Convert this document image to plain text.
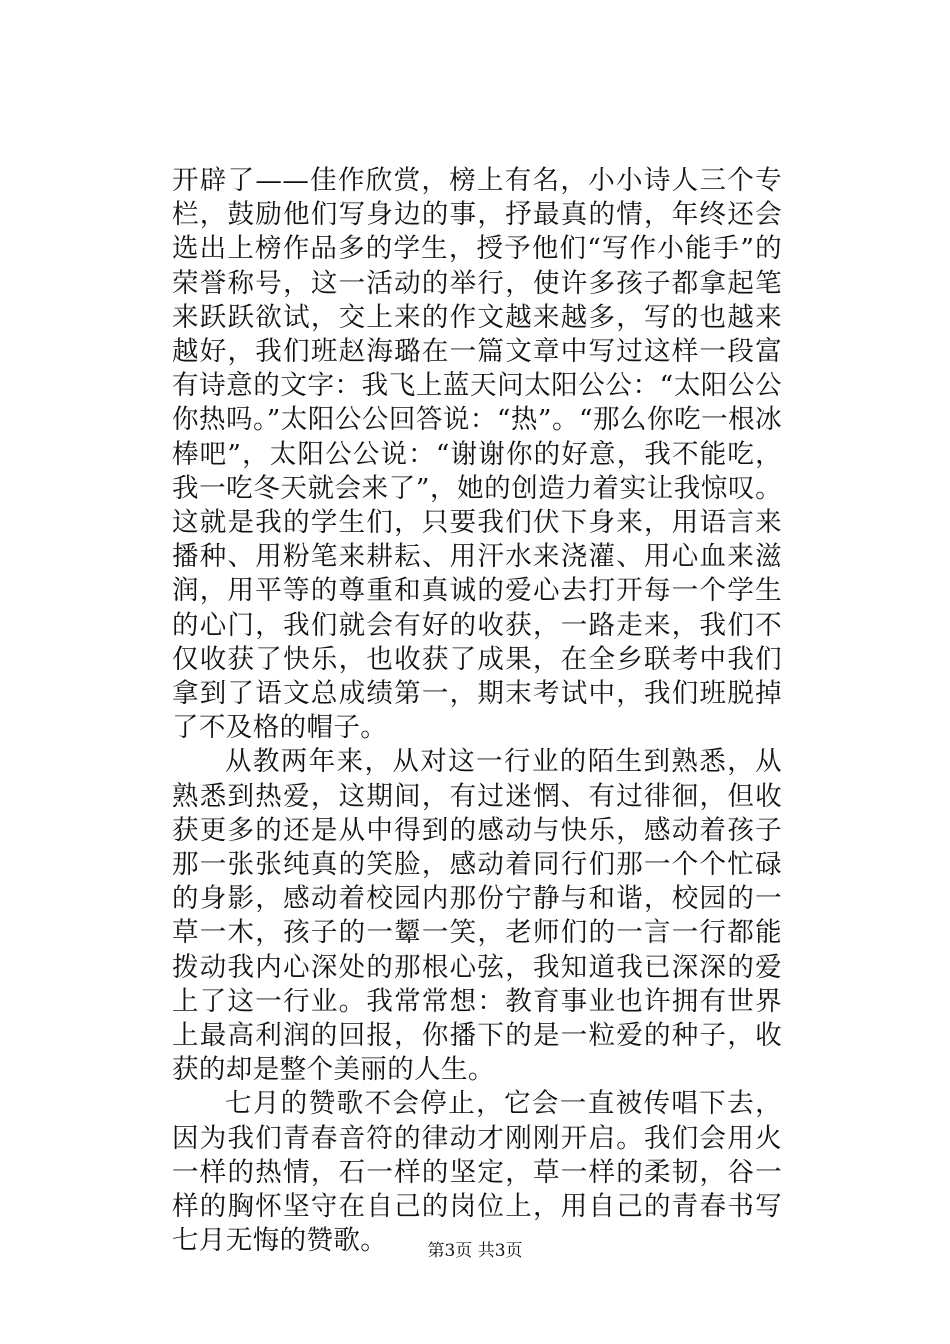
开辟了——佳作欣赏，榜上有名，小小诗人三个专栏，鼓励他们写身边的事，抒最真的情，年终还会选出上榜作品多的学生，授予他们“写作小能手”的荣誉称号，这一活动的举行，使许多孩子都拿起笔来跃跃欲试，交上来的作文越来越多，写的也越来越好，我们班赵海璐在一篇文章中写过这样一段富有诗意的文字：我飞上蓝天问太阳公公：“太阳公公你热吗。”太阳公公回答说：“热”。“那么你吃一根冰棒吧”，太阳公公说：“谢谢你的好意，我不能吃，我一吃冬天就会来了”，她的创造力着实让我惊叹。这就是我的学生们，只要我们伏下身来，用语言来播种、用粉笔来耕耘、用汗水来浇灌、用心血来滋润，用平等的尊重和真诚的爱心去打开每一个学生的心门，我们就会有好的收获，一路走来，我们不仅收获了快乐，也收获了成果，在全乡联考中我们拿到了语文总成绩第一，期末考试中，我们班脱掉了不及格的帽子。

从教两年来，从对这一行业的陌生到熟悉，从熟悉到热爱，这期间，有过迷惘、有过徘徊，但收获更多的还是从中得到的感动与快乐，感动着孩子那一张张纯真的笑脸，感动着同行们那一个个忙碌的身影，感动着校园内那份宁静与和谐，校园的一草一木，孩子的一颦一笑，老师们的一言一行都能拨动我内心深处的那根心弦，我知道我已深深的爱上了这一行业。我常常想：教育事业也许拥有世界上最高利润的回报，你播下的是一粒爱的种子，收获的却是整个美丽的人生。

七月的赞歌不会停止，它会一直被传唱下去，因为我们青春音符的律动才刚刚开启。我们会用火一样的热情，石一样的坚定，草一样的柔韧，谷一样的胸怀坚守在自己的岗位上，用自己的青春书写七月无悔的赞歌。	第3页 共3页
